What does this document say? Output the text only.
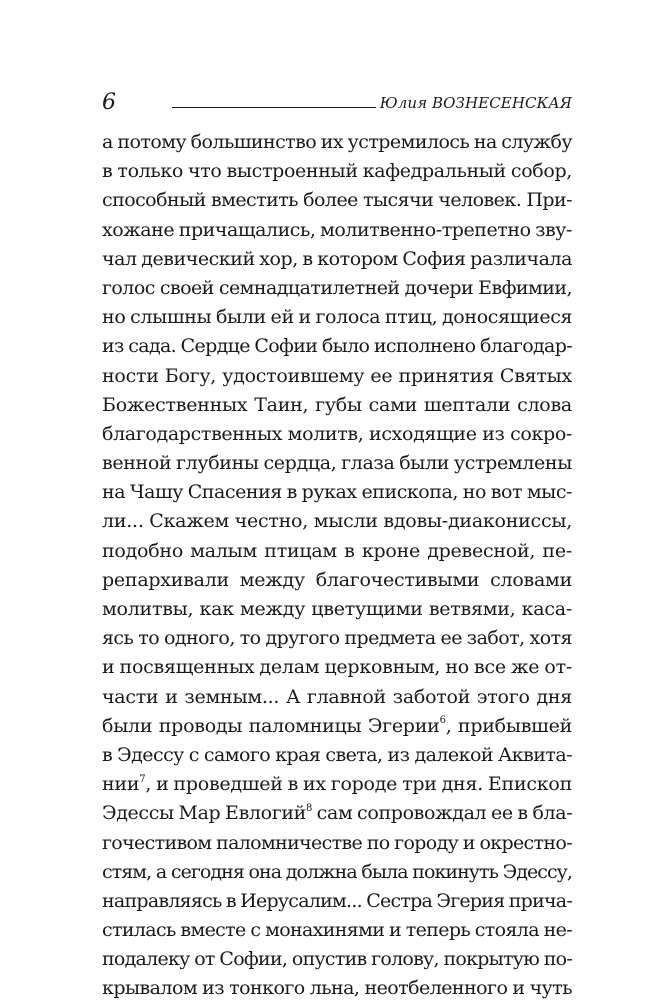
6	Юлия ВОЗНЕСЕНСКАЯ
а потому большинство их устремилось на службу
в только что выстроенный кафедральный собор,
способный вместить более тысячи человек. При-
хожане причащались, молитвенно-трепетно зву-
чал девический хор, в котором София различала
голос своей семнадцатилетней дочери Евфимии,
но слышны были ей и голоса птиц, доносящиеся
из сада. Сердце Софии было исполнено благодар-
ности Богу, удостоившему ее принятия Святых
Божественных Таин, губы сами шептали слова
благодарственных молитв, исходящие из сокро-
венной глубины сердца, глаза были устремлены
на Чашу Спасения в руках епископа, но вот мыс-
ли... Скажем честно, мысли вдовы-диакониссы,
подобно малым птицам в кроне древесной, пе-
репархивали между благочестивыми словами
молитвы, как между цветущими ветвями, каса-
ясь то одного, то другого предмета ее забот, хотя
и посвященных делам церковным, но все же от-
части и земным... А главной заботой этого дня
были проводы паломницы Эгерии$^6$, прибывшей
в Эдессу с самого края света, из далекой Аквита-
нии$^7$, и проведшей в их городе три дня. Епископ
Эдессы Мар Евлогий$^8$ сам сопровождал ее в бла-
гочестивом паломничестве по городу и окрестно-
стям, а сегодня она должна была покинуть Эдессу,
направляясь в Иерусалим... Сестра Эгерия прича-
стилась вместе с монахинями и теперь стояла не-
подалеку от Софии, опустив голову, покрытую по-
крывалом из тонкого льна, неотбеленного и чуть
